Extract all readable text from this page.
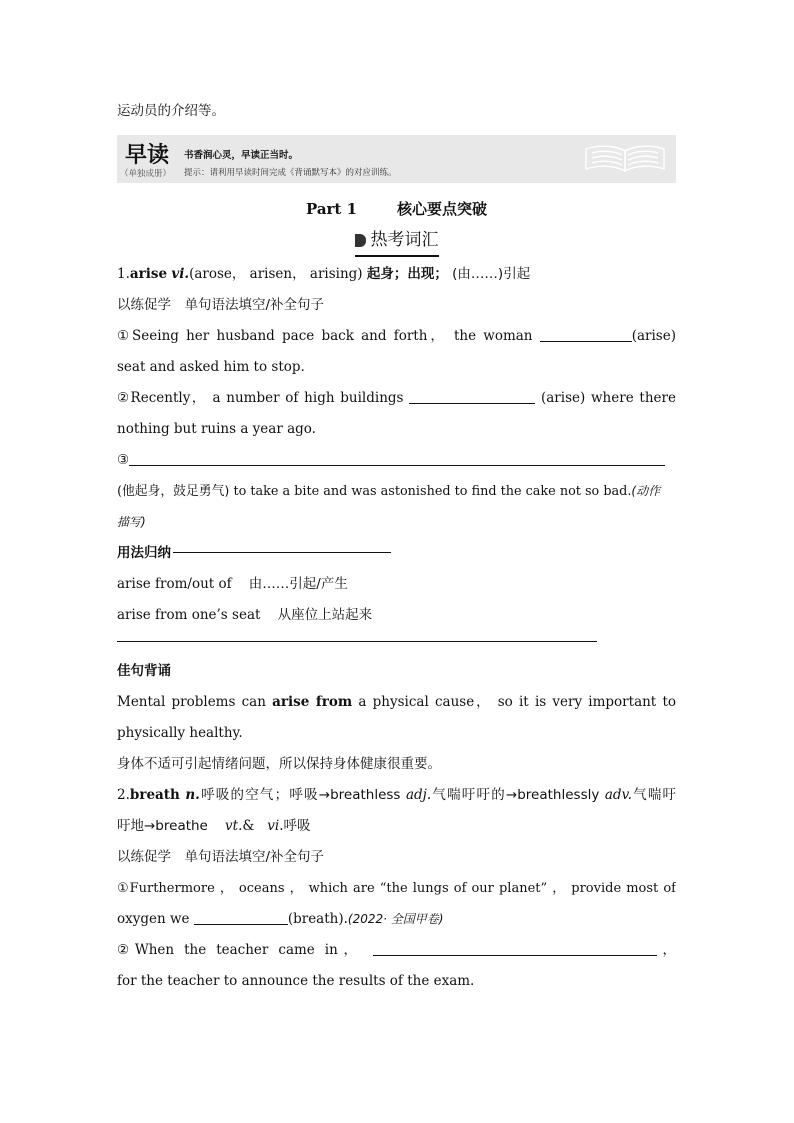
运动员的介绍等。
早读
（单独成册）
书香润心灵，早读正当时。
提示：请利用早读时间完成《背诵默写本》的对应训练。
Part 1	核心要点突破
热考词汇
1.arise vi.(arose， arisen， arising) 起身；出现； (由……)引起
以练促学　单句语法填空/补全句子
①Seeing her husband pace back and forth， the woman	(arise)
seat and asked him to stop.
②Recently， a number of high buildings	(arise) where there
nothing but ruins a year ago.
③
(他起身，鼓足勇气) to take a bite and was astonished to find the cake not so bad.(动作
描写)
用法归纳
arise from/out of 由……引起/产生
arise from one’s seat 从座位上站起来
佳句背诵
Mental problems can arise from a physical cause， so it is very important to
physically healthy.
身体不适可引起情绪问题，所以保持身体健康很重要。
2.breath n.呼吸的空气；呼吸→breathless adj.气喘吁吁的→breathlessly adv.气喘吁
吁地→breathe vt.& vi.呼吸
以练促学　单句语法填空/补全句子
①Furthermore ， oceans ， which are “the lungs of our planet” ， provide most of
oxygen we	(breath).(2022· 全国甲卷)
②When the teacher came in，	，
for the teacher to announce the results of the exam.
